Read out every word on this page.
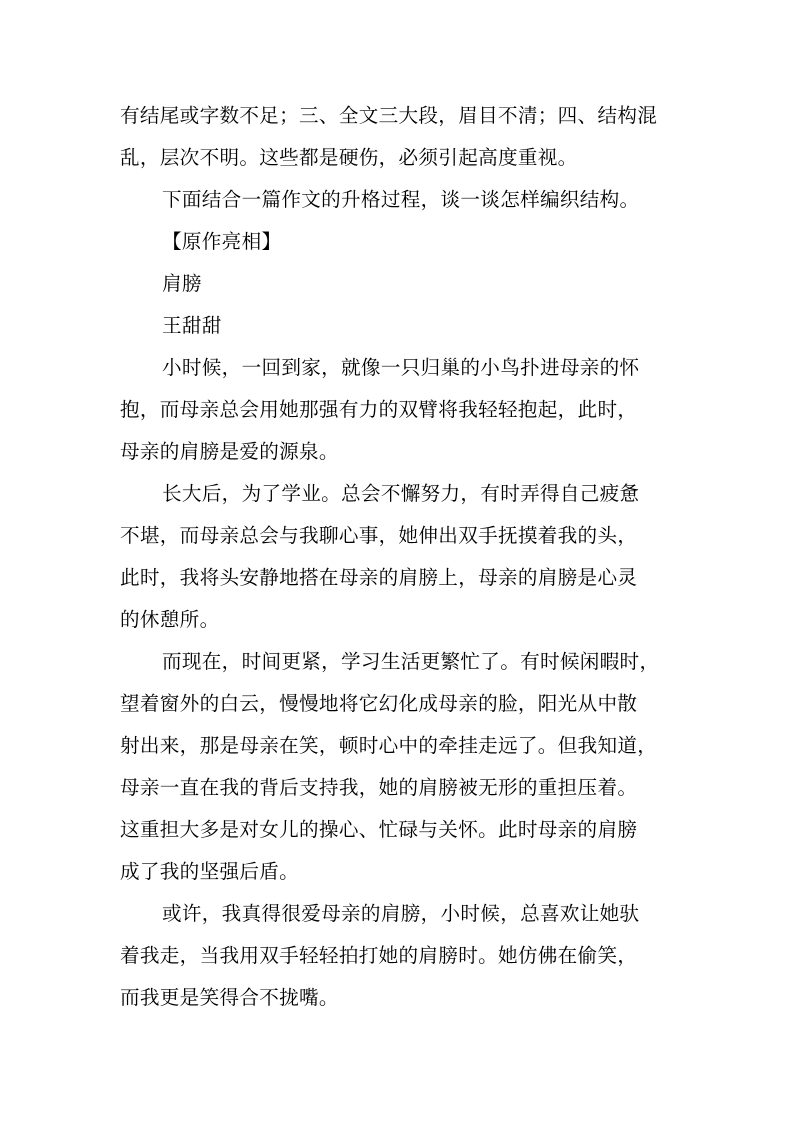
有结尾或字数不足；三、全文三大段，眉目不清；四、结构混
乱，层次不明。这些都是硬伤，必须引起高度重视。
下面结合一篇作文的升格过程，谈一谈怎样编织结构。
【原作亮相】
肩膀
王甜甜
小时候，一回到家，就像一只归巢的小鸟扑进母亲的怀
抱，而母亲总会用她那强有力的双臂将我轻轻抱起，此时，
母亲的肩膀是爱的源泉。
长大后，为了学业。总会不懈努力，有时弄得自己疲惫
不堪，而母亲总会与我聊心事，她伸出双手抚摸着我的头，
此时，我将头安静地搭在母亲的肩膀上，母亲的肩膀是心灵
的休憩所。
而现在，时间更紧，学习生活更繁忙了。有时候闲暇时，
望着窗外的白云，慢慢地将它幻化成母亲的脸，阳光从中散
射出来，那是母亲在笑，顿时心中的牵挂走远了。但我知道，
母亲一直在我的背后支持我，她的肩膀被无形的重担压着。
这重担大多是对女儿的操心、忙碌与关怀。此时母亲的肩膀
成了我的坚强后盾。
或许，我真得很爱母亲的肩膀，小时候，总喜欢让她驮
着我走，当我用双手轻轻拍打她的肩膀时。她仿佛在偷笑，
而我更是笑得合不拢嘴。
